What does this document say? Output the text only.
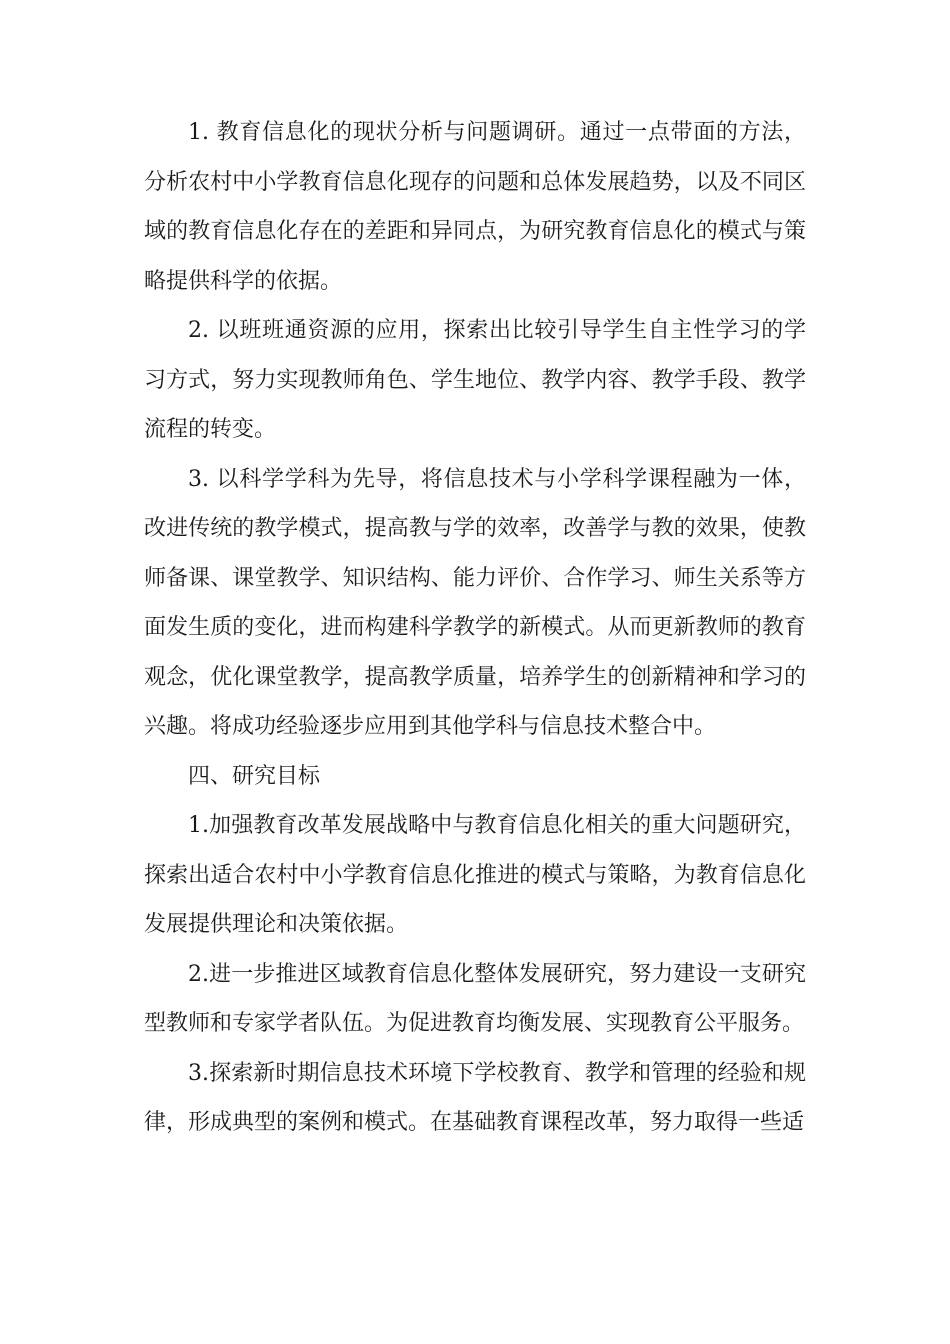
1. 教育信息化的现状分析与问题调研。通过一点带面的方法，分析农村中小学教育信息化现存的问题和总体发展趋势，以及不同区域的教育信息化存在的差距和异同点，为研究教育信息化的模式与策略提供科学的依据。

2. 以班班通资源的应用，探索出比较引导学生自主性学习的学习方式，努力实现教师角色、学生地位、教学内容、教学手段、教学流程的转变。

3. 以科学学科为先导，将信息技术与小学科学课程融为一体，改进传统的教学模式，提高教与学的效率，改善学与教的效果，使教师备课、课堂教学、知识结构、能力评价、合作学习、师生关系等方面发生质的变化，进而构建科学教学的新模式。从而更新教师的教育观念，优化课堂教学，提高教学质量，培养学生的创新精神和学习的兴趣。将成功经验逐步应用到其他学科与信息技术整合中。

四、研究目标

1.加强教育改革发展战略中与教育信息化相关的重大问题研究，探索出适合农村中小学教育信息化推进的模式与策略，为教育信息化发展提供理论和决策依据。

2.进一步推进区域教育信息化整体发展研究，努力建设一支研究型教师和专家学者队伍。为促进教育均衡发展、实现教育公平服务。

3.探索新时期信息技术环境下学校教育、教学和管理的经验和规律，形成典型的案例和模式。在基础教育课程改革，努力取得一些适
